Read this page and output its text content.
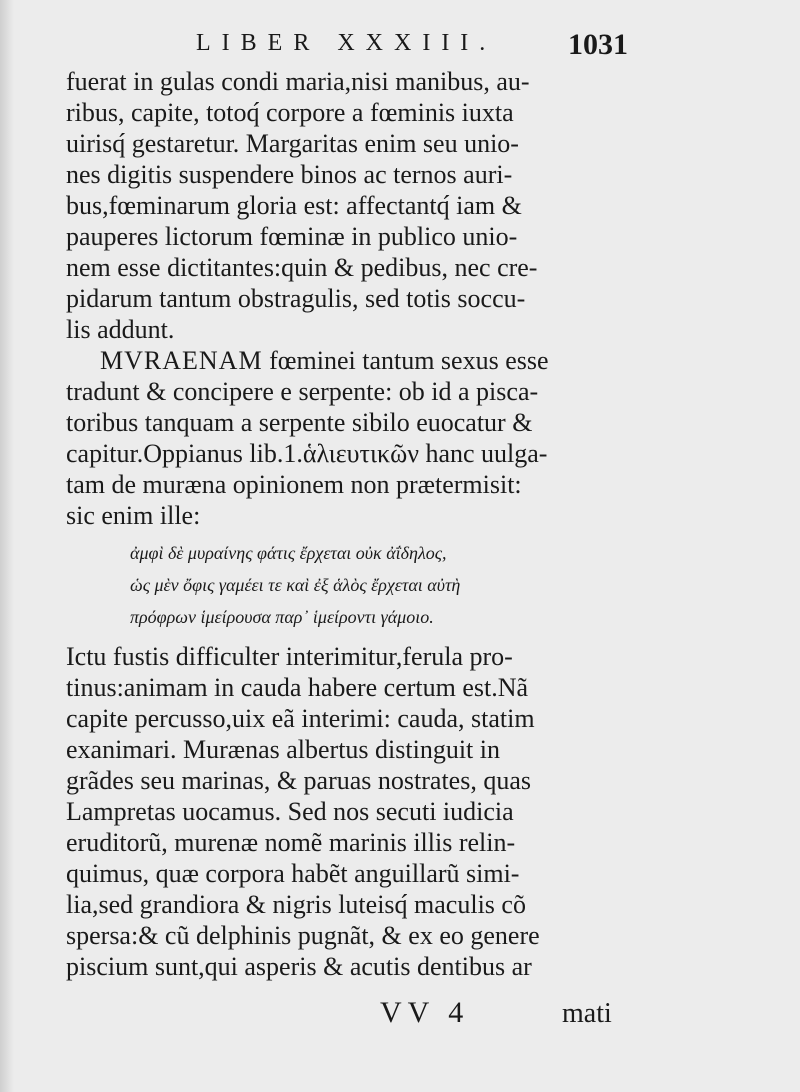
LIBER XXXIII. 1031
fuerat in gulas condi maria,nisi manibus, au-
ribus, capite, totoq́ corpore a fœminis iuxta
uirisq́ gestaretur. Margaritas enim seu unio-
nes digitis suspendere binos ac ternos auri-
bus,fœminarum gloria est: affectantq́ iam &
pauperes lictorum fœminæ in publico unio-
nem esse dictitantes:quin & pedibus, nec cre-
pidarum tantum obstragulis, sed totis soccu-
lis addunt.
MVRAENAM fœminei tantum sexus esse
tradunt & concipere e serpente: ob id a pisca-
toribus tanquam a serpente sibilo euocatur &
capitur.Oppianus lib.1.ἁλιευτικῶν hanc uulga-
tam de muræna opinionem non prætermisit:
sic enim ille:
ἀμφὶ δὲ μυραίνης φάτις ἔρχεται οὐκ ἀΐδηλος,
ὡς μὲν ὄφις γαμέει τε καὶ ἐξ ἁλὸς ἔρχεται αὐτὴ
πρόφρων ἱμείρουσα παρ᾽ ἱμείροντι γάμοιο.
Ictu fustis difficulter interimitur,ferula pro-
tinus:animam in cauda habere certum est.Nã
capite percusso,uix eã interimi: cauda, statim
exanimari. Murænas albertus distinguit in
grãdes seu marinas, & paruas nostrates, quas
Lampretas uocamus. Sed nos secuti iudicia
eruditorũ, murenæ nomẽ marinis illis relin-
quimus, quæ corpora habẽt anguillarũ simi-
lia,sed grandiora & nigris luteisq́ maculis cõ
spersa:& cũ delphinis pugnãt, & ex eo genere
piscium sunt,qui asperis & acutis dentibus ar
VV 4	mati
